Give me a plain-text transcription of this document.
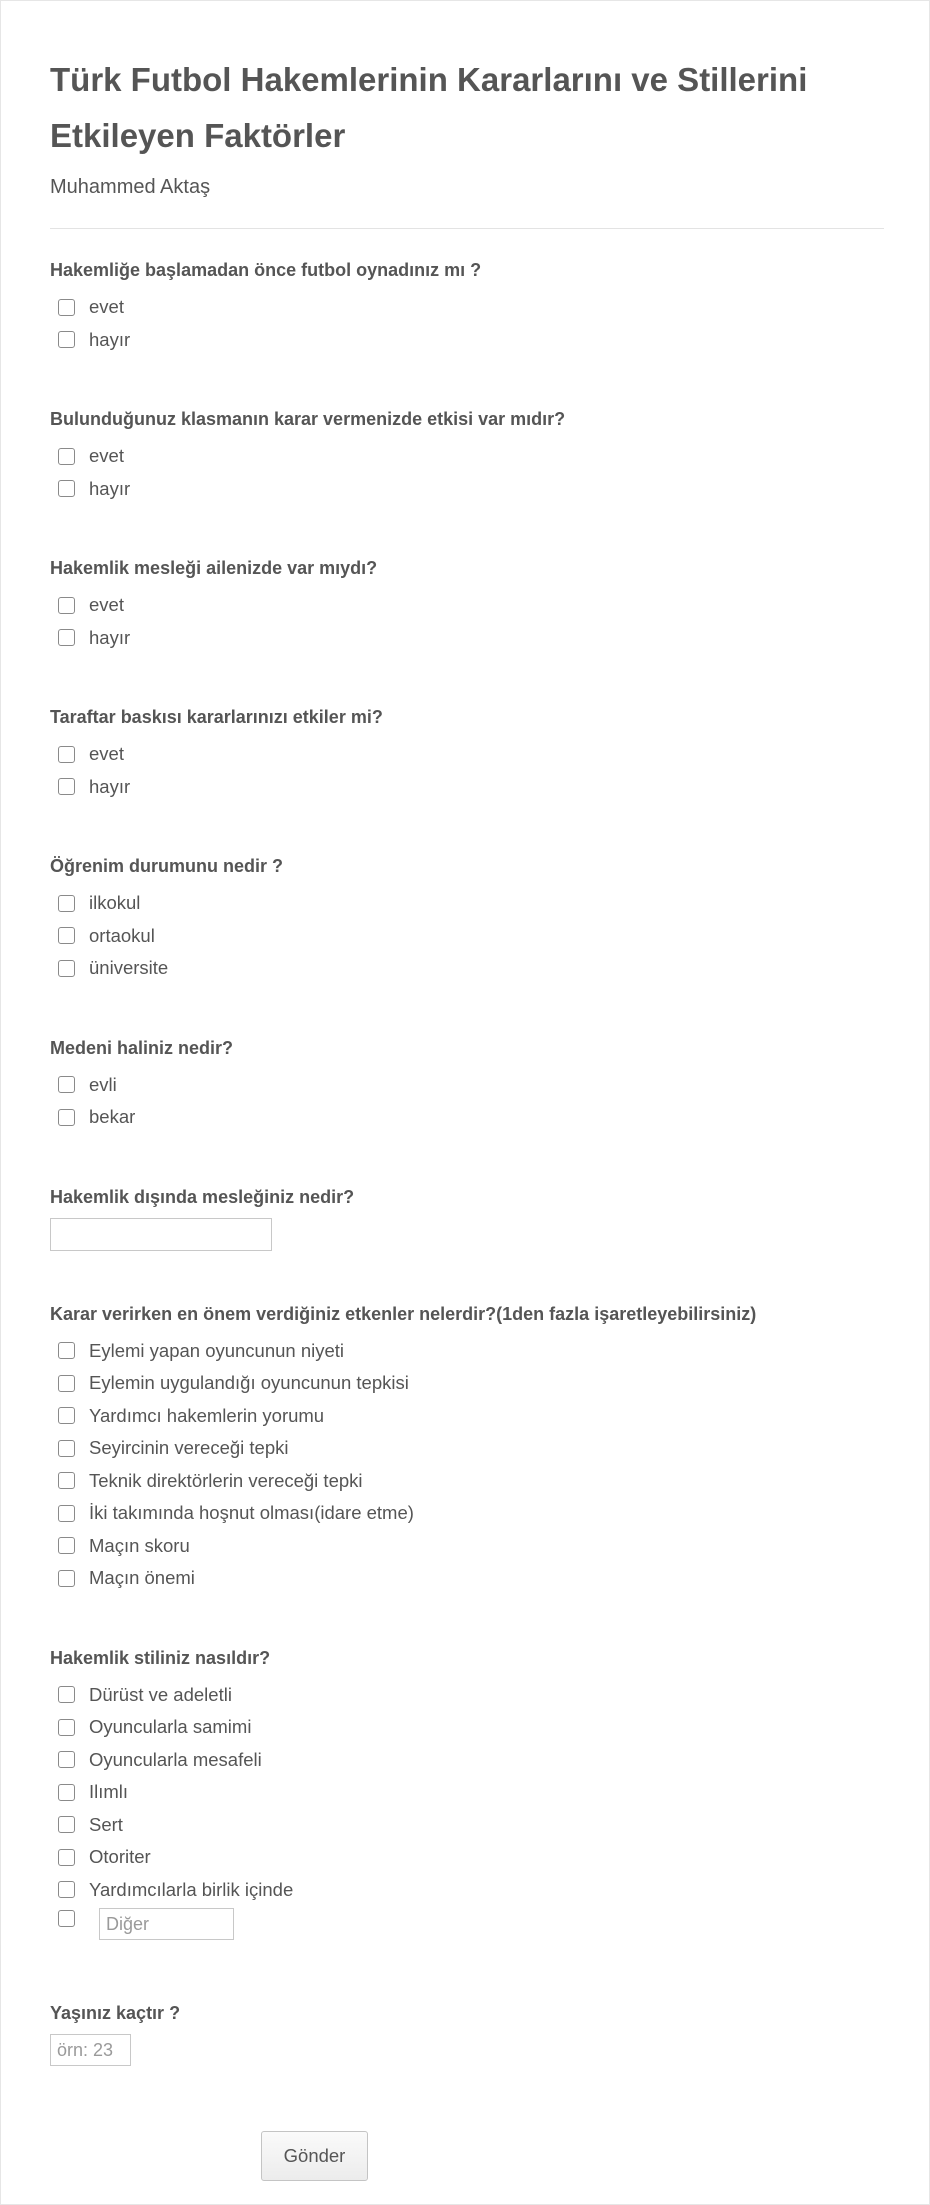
Türk Futbol Hakemlerinin Kararlarını ve Stillerini Etkileyen Faktörler
Muhammed Aktaş
Hakemliğe başlamadan önce futbol oynadınız mı ?
evet
hayır
Bulunduğunuz klasmanın karar vermenizde etkisi var mıdır?
evet
hayır
Hakemlik mesleği ailenizde var mıydı?
evet
hayır
Taraftar baskısı kararlarınızı etkiler mi?
evet
hayır
Öğrenim durumunu nedir ?
ilkokul
ortaokul
üniversite
Medeni haliniz nedir?
evli
bekar
Hakemlik dışında mesleğiniz nedir?
Karar verirken en önem verdiğiniz etkenler nelerdir?(1den fazla işaretleyebilirsiniz)
Eylemi yapan oyuncunun niyeti
Eylemin uygulandığı oyuncunun tepkisi
Yardımcı hakemlerin yorumu
Seyircinin vereceği tepki
Teknik direktörlerin vereceği tepki
İki takımında hoşnut olması(idare etme)
Maçın skoru
Maçın önemi
Hakemlik stiliniz nasıldır?
Dürüst ve adeletli
Oyuncularla samimi
Oyuncularla mesafeli
Ilımlı
Sert
Otoriter
Yardımcılarla birlik içinde
Diğer
Yaşınız kaçtır ?
örn: 23
Gönder
